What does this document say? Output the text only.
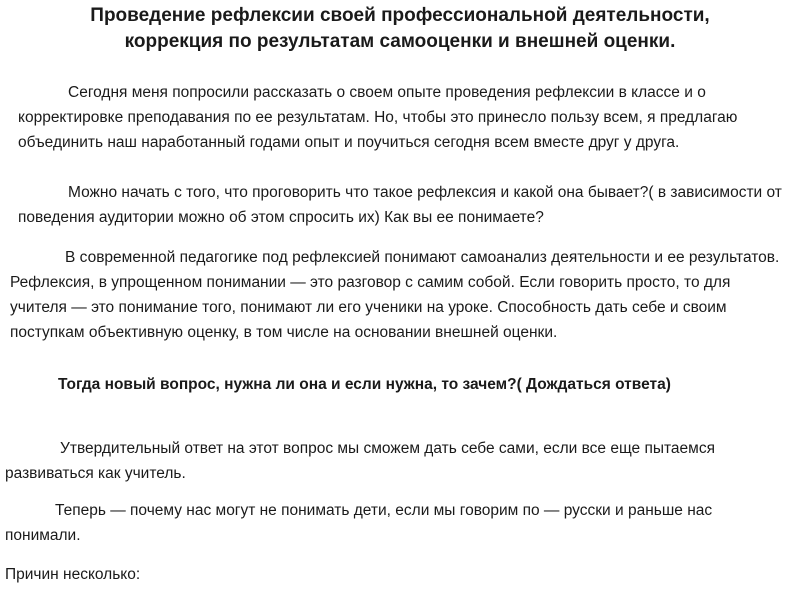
Проведение рефлексии своей профессиональной деятельности,
коррекция по результатам самооценки и внешней оценки.

Сегодня меня попросили рассказать о своем опыте проведения рефлексии в классе и о корректировке преподавания по ее результатам. Но, чтобы это принесло пользу всем, я предлагаю объединить наш наработанный годами опыт и поучиться сегодня всем вместе друг у друга.

Можно начать с того, что проговорить что такое рефлексия и какой она бывает?( в зависимости от поведения аудитории можно об этом спросить их) Как вы ее понимаете?

В современной педагогике под рефлексией понимают самоанализ деятельности и ее результатов. Рефлексия, в упрощенном понимании — это разговор с самим собой. Если говорить просто, то для учителя — это понимание того, понимают ли его ученики на уроке. Способность дать себе и своим поступкам объективную оценку, в том числе на основании внешней оценки.

Тогда новый вопрос, нужна ли она и если нужна, то зачем?( Дождаться ответа)

Утвердительный ответ на этот вопрос мы сможем дать себе сами, если все еще пытаемся развиваться как учитель.

Теперь — почему нас могут не понимать дети, если мы говорим по — русски и раньше нас понимали.

Причин несколько:
